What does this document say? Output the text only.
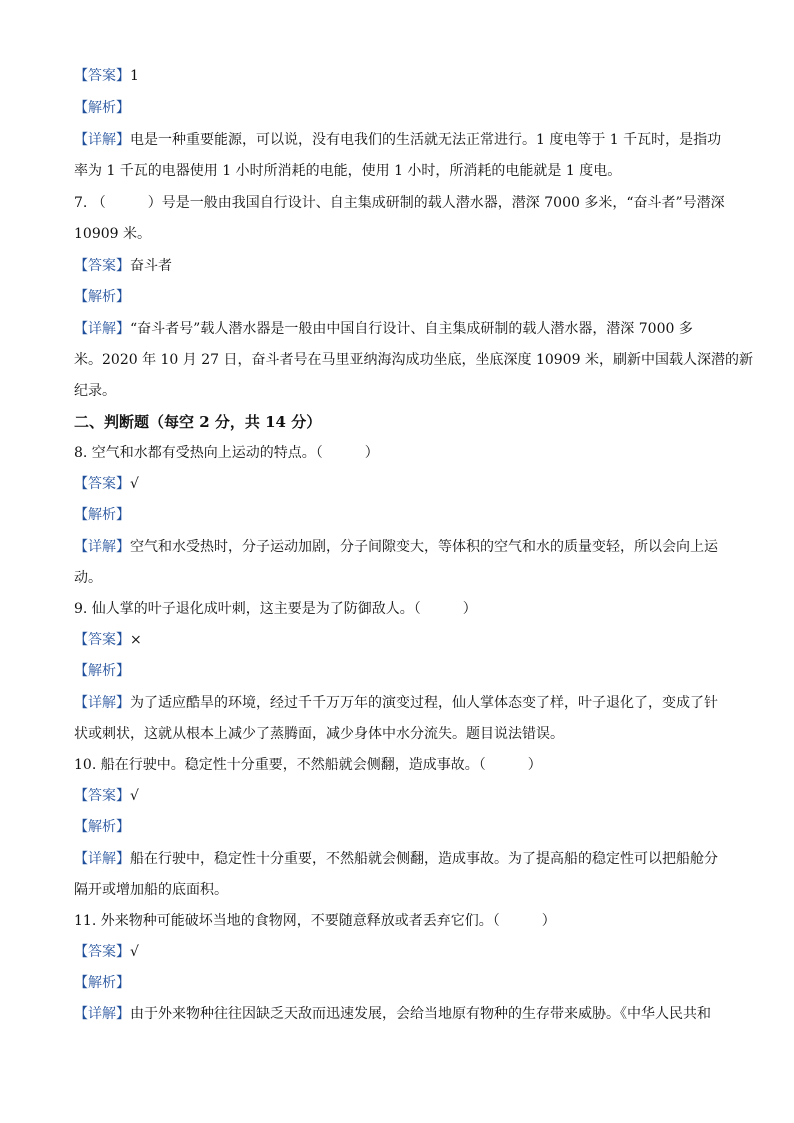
【答案】1
【解析】
【详解】电是一种重要能源，可以说，没有电我们的生活就无法正常进行。1 度电等于 1 千瓦时，是指功
率为 1 千瓦的电器使用 1 小时所消耗的电能，使用 1 小时，所消耗的电能就是 1 度电。
7. （　　　）号是一般由我国自行设计、自主集成研制的载人潜水器，潜深 7000 多米，“奋斗者”号潜深
10909 米。
【答案】奋斗者
【解析】
【详解】“奋斗者号”载人潜水器是一般由中国自行设计、自主集成研制的载人潜水器，潜深 7000 多
米。2020 年 10 月 27 日，奋斗者号在马里亚纳海沟成功坐底，坐底深度 10909 米，刷新中国载人深潜的新
纪录。
二、判断题（每空 2 分，共 14 分）
8. 空气和水都有受热向上运动的特点。（　　　）
【答案】√
【解析】
【详解】空气和水受热时，分子运动加剧，分子间隙变大，等体积的空气和水的质量变轻，所以会向上运
动。
9. 仙人掌的叶子退化成叶刺，这主要是为了防御敌人。（　　　）
【答案】×
【解析】
【详解】为了适应酷旱的环境，经过千千万万年的演变过程，仙人掌体态变了样，叶子退化了，变成了针
状或刺状，这就从根本上减少了蒸腾面，减少身体中水分流失。题目说法错误。
10. 船在行驶中。稳定性十分重要，不然船就会侧翻，造成事故。（　　　）
【答案】√
【解析】
【详解】船在行驶中，稳定性十分重要，不然船就会侧翻，造成事故。为了提高船的稳定性可以把船舱分
隔开或增加船的底面积。
11. 外来物种可能破坏当地的食物网，不要随意释放或者丢弃它们。（　　　）
【答案】√
【解析】
【详解】由于外来物种往往因缺乏天敌而迅速发展，会给当地原有物种的生存带来威胁。《中华人民共和
